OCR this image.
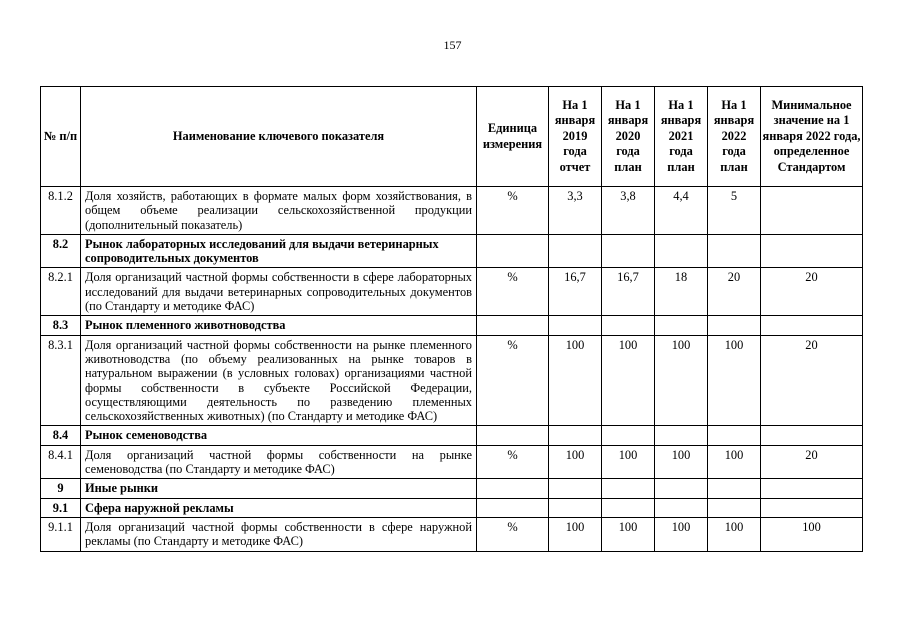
157
№ п/п	Наименование ключевого показателя	Единица измерения	На 1 января 2019 года отчет	На 1 января 2020 года план	На 1 января 2021 года план	На 1 января 2022 года план	Минимальное значение на 1 января 2022 года, определенное Стандартом
8.1.2	Доля хозяйств, работающих в формате малых форм хозяйствования, в общем объеме реализации сельскохозяйственной продукции (дополнительный показатель)	%	3,3	3,8	4,4	5	
8.2	Рынок лабораторных исследований для выдачи ветеринарных сопроводительных документов						
8.2.1	Доля организаций частной формы собственности в сфере лабораторных исследований для выдачи ветеринарных сопроводительных документов (по Стандарту и методике ФАС)	%	16,7	16,7	18	20	20
8.3	Рынок племенного животноводства						
8.3.1	Доля организаций частной формы собственности на рынке племенного животноводства (по объему реализованных на рынке товаров в натуральном выражении (в условных головах) организациями частной формы собственности в субъекте Российской Федерации, осуществляющими деятельность по разведению племенных сельскохозяйственных животных) (по Стандарту и методике ФАС)	%	100	100	100	100	20
8.4	Рынок семеноводства						
8.4.1	Доля организаций частной формы собственности на рынке семеноводства (по Стандарту и методике ФАС)	%	100	100	100	100	20
9	Иные рынки						
9.1	Сфера наружной рекламы						
9.1.1	Доля организаций частной формы собственности в сфере наружной рекламы (по Стандарту и методике ФАС)	%	100	100	100	100	100
